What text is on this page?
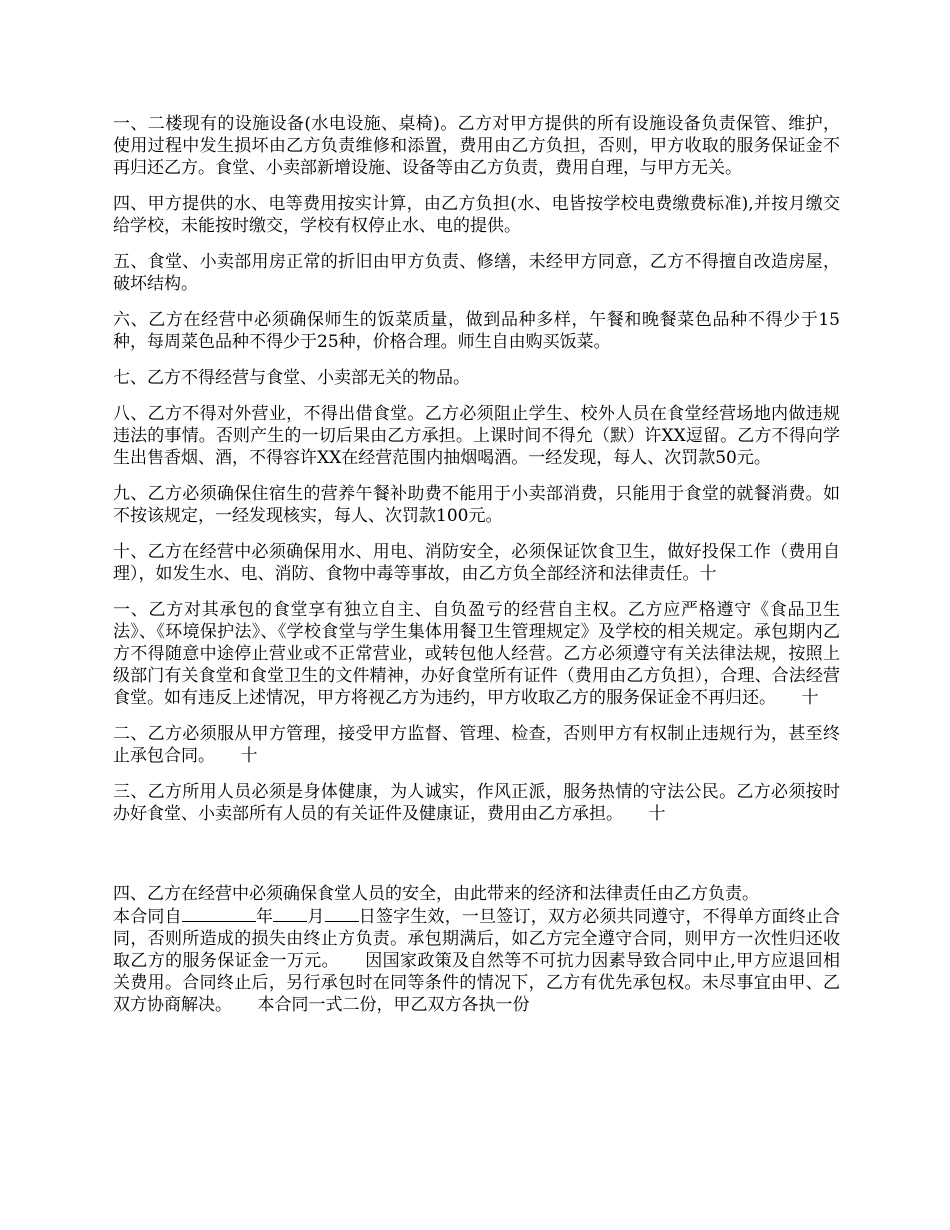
一、二楼现有的设施设备(水电设施、桌椅)。乙方对甲方提供的所有设施设备负责保管、维护，使用过程中发生损坏由乙方负责维修和添置，费用由乙方负担，否则，甲方收取的服务保证金不再归还乙方。食堂、小卖部新增设施、设备等由乙方负责，费用自理，与甲方无关。

四、甲方提供的水、电等费用按实计算，由乙方负担(水、电皆按学校电费缴费标准),并按月缴交给学校，未能按时缴交，学校有权停止水、电的提供。

五、食堂、小卖部用房正常的折旧由甲方负责、修缮，未经甲方同意，乙方不得擅自改造房屋，破坏结构。

六、乙方在经营中必须确保师生的饭菜质量，做到品种多样，午餐和晚餐菜色品种不得少于15种，每周菜色品种不得少于25种，价格合理。师生自由购买饭菜。

七、乙方不得经营与食堂、小卖部无关的物品。

八、乙方不得对外营业，不得出借食堂。乙方必须阻止学生、校外人员在食堂经营场地内做违规违法的事情。否则产生的一切后果由乙方承担。上课时间不得允（默）许XX逗留。乙方不得向学生出售香烟、酒，不得容许XX在经营范围内抽烟喝酒。一经发现，每人、次罚款50元。

九、乙方必须确保住宿生的营养午餐补助费不能用于小卖部消费，只能用于食堂的就餐消费。如不按该规定，一经发现核实，每人、次罚款100元。

十、乙方在经营中必须确保用水、用电、消防安全，必须保证饮食卫生，做好投保工作（费用自理），如发生水、电、消防、食物中毒等事故，由乙方负全部经济和法律责任。十

一、乙方对其承包的食堂享有独立自主、自负盈亏的经营自主权。乙方应严格遵守《食品卫生法》、《环境保护法》、《学校食堂与学生集体用餐卫生管理规定》及学校的相关规定。承包期内乙方不得随意中途停止营业或不正常营业，或转包他人经营。乙方必须遵守有关法律法规，按照上级部门有关食堂和食堂卫生的文件精神，办好食堂所有证件（费用由乙方负担），合理、合法经营食堂。如有违反上述情况，甲方将视乙方为违约，甲方收取乙方的服务保证金不再归还。　　十

二、乙方必须服从甲方管理，接受甲方监督、管理、检查，否则甲方有权制止违规行为，甚至终止承包合同。　　十

三、乙方所用人员必须是身体健康，为人诚实，作风正派，服务热情的守法公民。乙方必须按时办好食堂、小卖部所有人员的有关证件及健康证，费用由乙方承担。　　十

四、乙方在经营中必须确保食堂人员的安全，由此带来的经济和法律责任由乙方负责。
本合同自	年 月 日签字生效，一旦签订，双方必须共同遵守，不得单方面终止合同，否则所造成的损失由终止方负责。承包期满后，如乙方完全遵守合同，则甲方一次性归还收取乙方的服务保证金一万元。　　因国家政策及自然等不可抗力因素导致合同中止,甲方应退回相关费用。合同终止后，另行承包时在同等条件的情况下，乙方有优先承包权。未尽事宜由甲、乙双方协商解决。　　本合同一式二份，甲乙双方各执一份
